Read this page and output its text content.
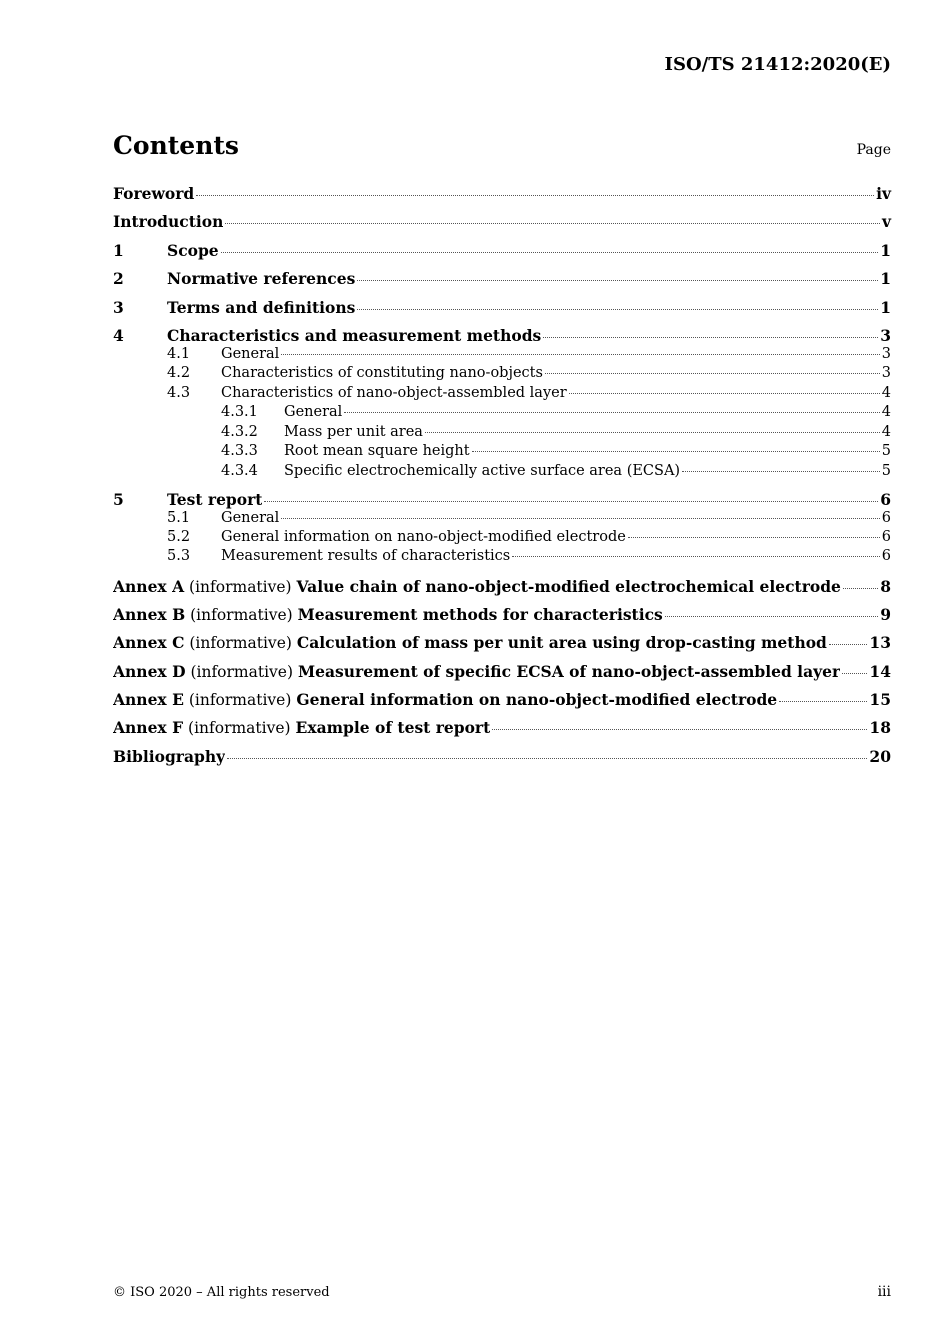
ISO/TS 21412:2020(E)
Contents	Page
Foreword	iv
Introduction	v
1	Scope	1
2	Normative references	1
3	Terms and definitions	1
4	Characteristics and measurement methods	3
4.1	General	3
4.2	Characteristics of constituting nano-objects	3
4.3	Characteristics of nano-object-assembled layer	4
4.3.1	General	4
4.3.2	Mass per unit area	4
4.3.3	Root mean square height	5
4.3.4	Specific electrochemically active surface area (ECSA)	5
5	Test report	6
5.1	General	6
5.2	General information on nano-object-modified electrode	6
5.3	Measurement results of characteristics	6
Annex A (informative) Value chain of nano-object-modified electrochemical electrode	8
Annex B (informative) Measurement methods for characteristics	9
Annex C (informative) Calculation of mass per unit area using drop-casting method	13
Annex D (informative) Measurement of specific ECSA of nano-object-assembled layer 14
Annex E (informative) General information on nano-object-modified electrode	15
Annex F (informative) Example of test report	18
Bibliography	20
© ISO 2020 – All rights reserved	iii
